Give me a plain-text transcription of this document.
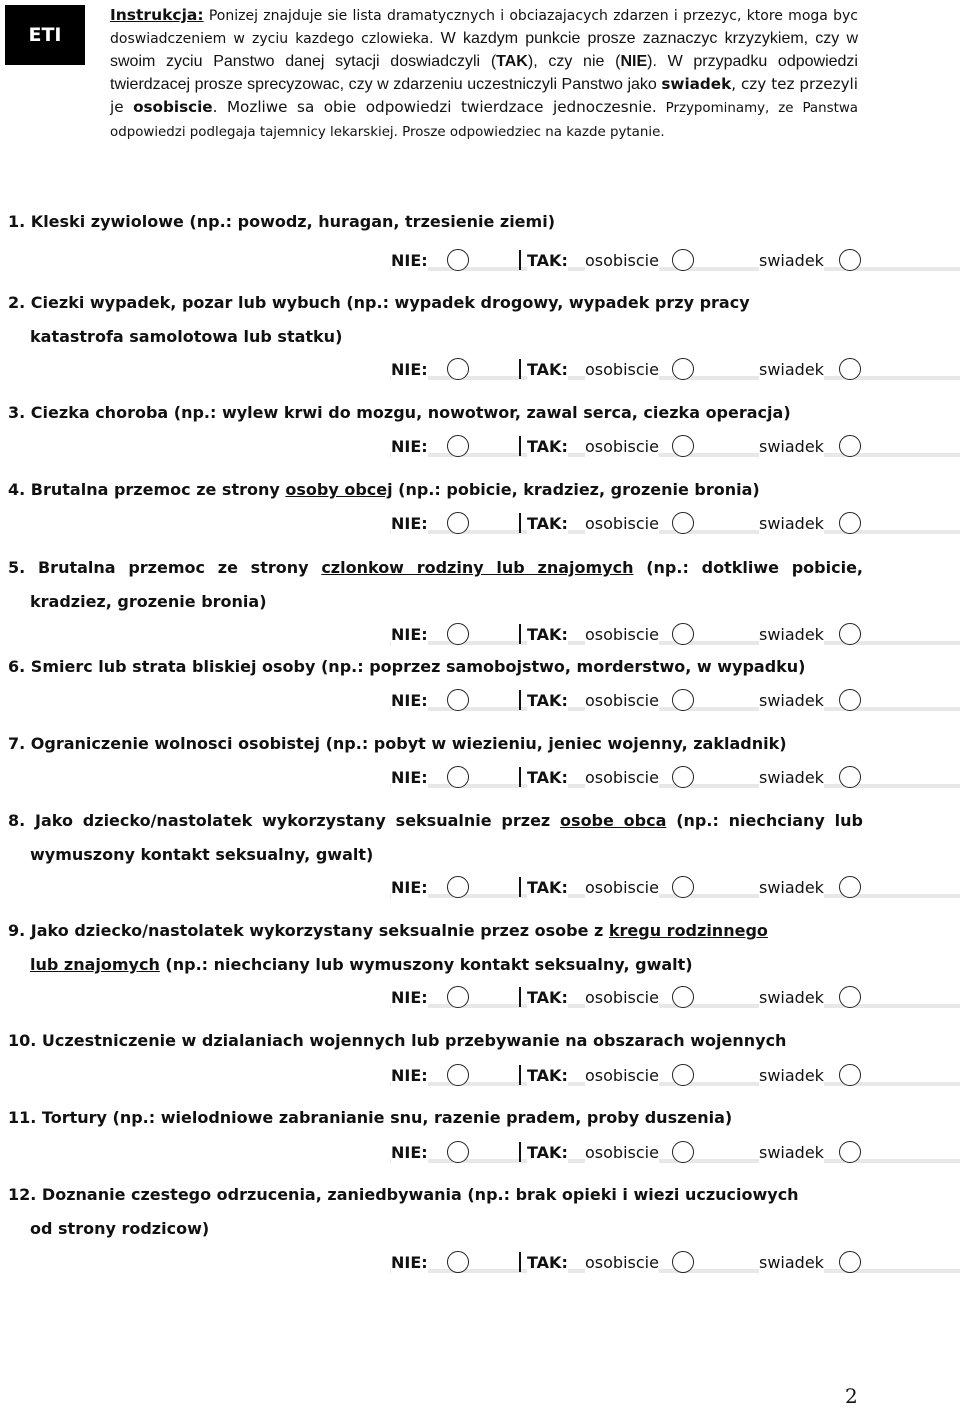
ETI
Instrukcja: Ponizej znajduje sie lista dramatycznych i obciazajacych zdarzen i przezyc, ktore moga byc doswiadczeniem w zyciu kazdego czlowieka. W kazdym punkcie prosze zaznaczyc krzyzykiem, czy w swoim zyciu Panstwo danej sytacji doswiadczyli (TAK), czy nie (NIE). W przypadku odpowiedzi twierdzacej prosze sprecyzowac, czy w zdarzeniu uczestniczyli Panstwo jako swiadek, czy tez przezyli je osobiscie. Mozliwe sa obie odpowiedzi twierdzace jednoczesnie. Przypominamy, ze Panstwa odpowiedzi podlegaja tajemnicy lekarskiej. Prosze odpowiedziec na kazde pytanie.
1. Kleski zywiolowe (np.: powodz, huragan, trzesienie ziemi)
NIE:	TAK: osobiscie	swiadek
2. Ciezki wypadek, pozar lub wybuch (np.: wypadek drogowy, wypadek przy pracy
katastrofa samolotowa lub statku)
NIE:	TAK: osobiscie	swiadek
3. Ciezka choroba (np.: wylew krwi do mozgu, nowotwor, zawal serca, ciezka operacja)
NIE:	TAK: osobiscie	swiadek
4. Brutalna przemoc ze strony osoby obcej (np.: pobicie, kradziez, grozenie bronia)
NIE:	TAK: osobiscie	swiadek
5. Brutalna przemoc ze strony czlonkow rodziny lub znajomych (np.: dotkliwe pobicie,
kradziez, grozenie bronia)
NIE:	TAK: osobiscie	swiadek
6. Smierc lub strata bliskiej osoby (np.: poprzez samobojstwo, morderstwo, w wypadku)
NIE:	TAK: osobiscie	swiadek
7. Ograniczenie wolnosci osobistej (np.: pobyt w wiezieniu, jeniec wojenny, zakladnik)
NIE:	TAK: osobiscie	swiadek
8. Jako dziecko/nastolatek wykorzystany seksualnie przez osobe obca (np.: niechciany lub
wymuszony kontakt seksualny, gwalt)
NIE:	TAK: osobiscie	swiadek
9. Jako dziecko/nastolatek wykorzystany seksualnie przez osobe z kregu rodzinnego
lub znajomych (np.: niechciany lub wymuszony kontakt seksualny, gwalt)
NIE:	TAK: osobiscie	swiadek
10. Uczestniczenie w dzialaniach wojennych lub przebywanie na obszarach wojennych
NIE:	TAK: osobiscie	swiadek
11. Tortury (np.: wielodniowe zabranianie snu, razenie pradem, proby duszenia)
NIE:	TAK: osobiscie	swiadek
12. Doznanie czestego odrzucenia, zaniedbywania (np.: brak opieki i wiezi uczuciowych
od strony rodzicow)
NIE:	TAK: osobiscie	swiadek
2
